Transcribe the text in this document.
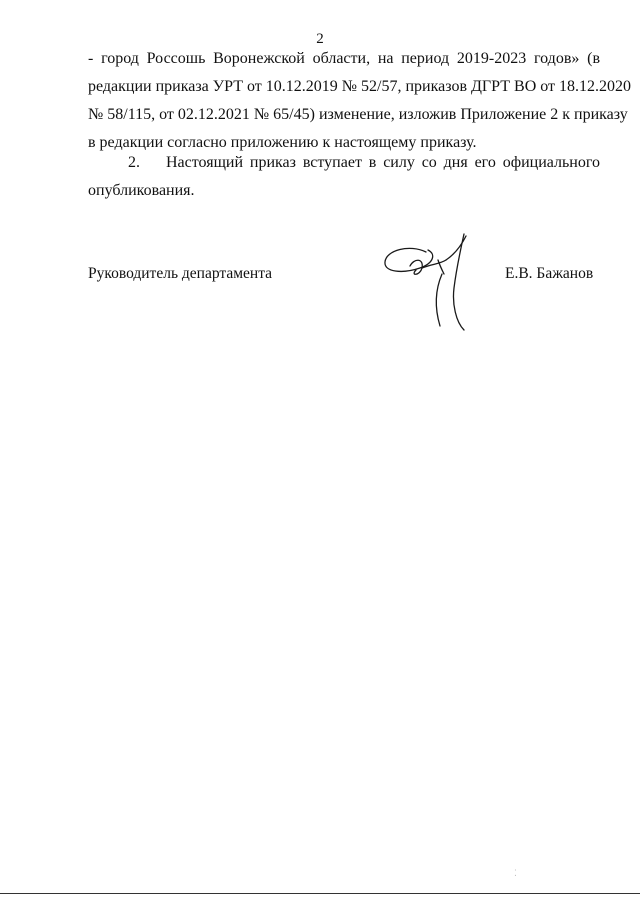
2
- город Россошь Воронежской области, на период 2019-2023 годов» (в
редакции приказа УРТ от 10.12.2019 № 52/57, приказов ДГРТ ВО от 18.12.2020
№ 58/115, от 02.12.2021 № 65/45) изменение, изложив Приложение 2 к приказу
в редакции согласно приложению к настоящему приказу.
2. Настоящий приказ вступает в силу со дня его официального
опубликования.
Руководитель департамента	Е.В. Бажанов
⁚
